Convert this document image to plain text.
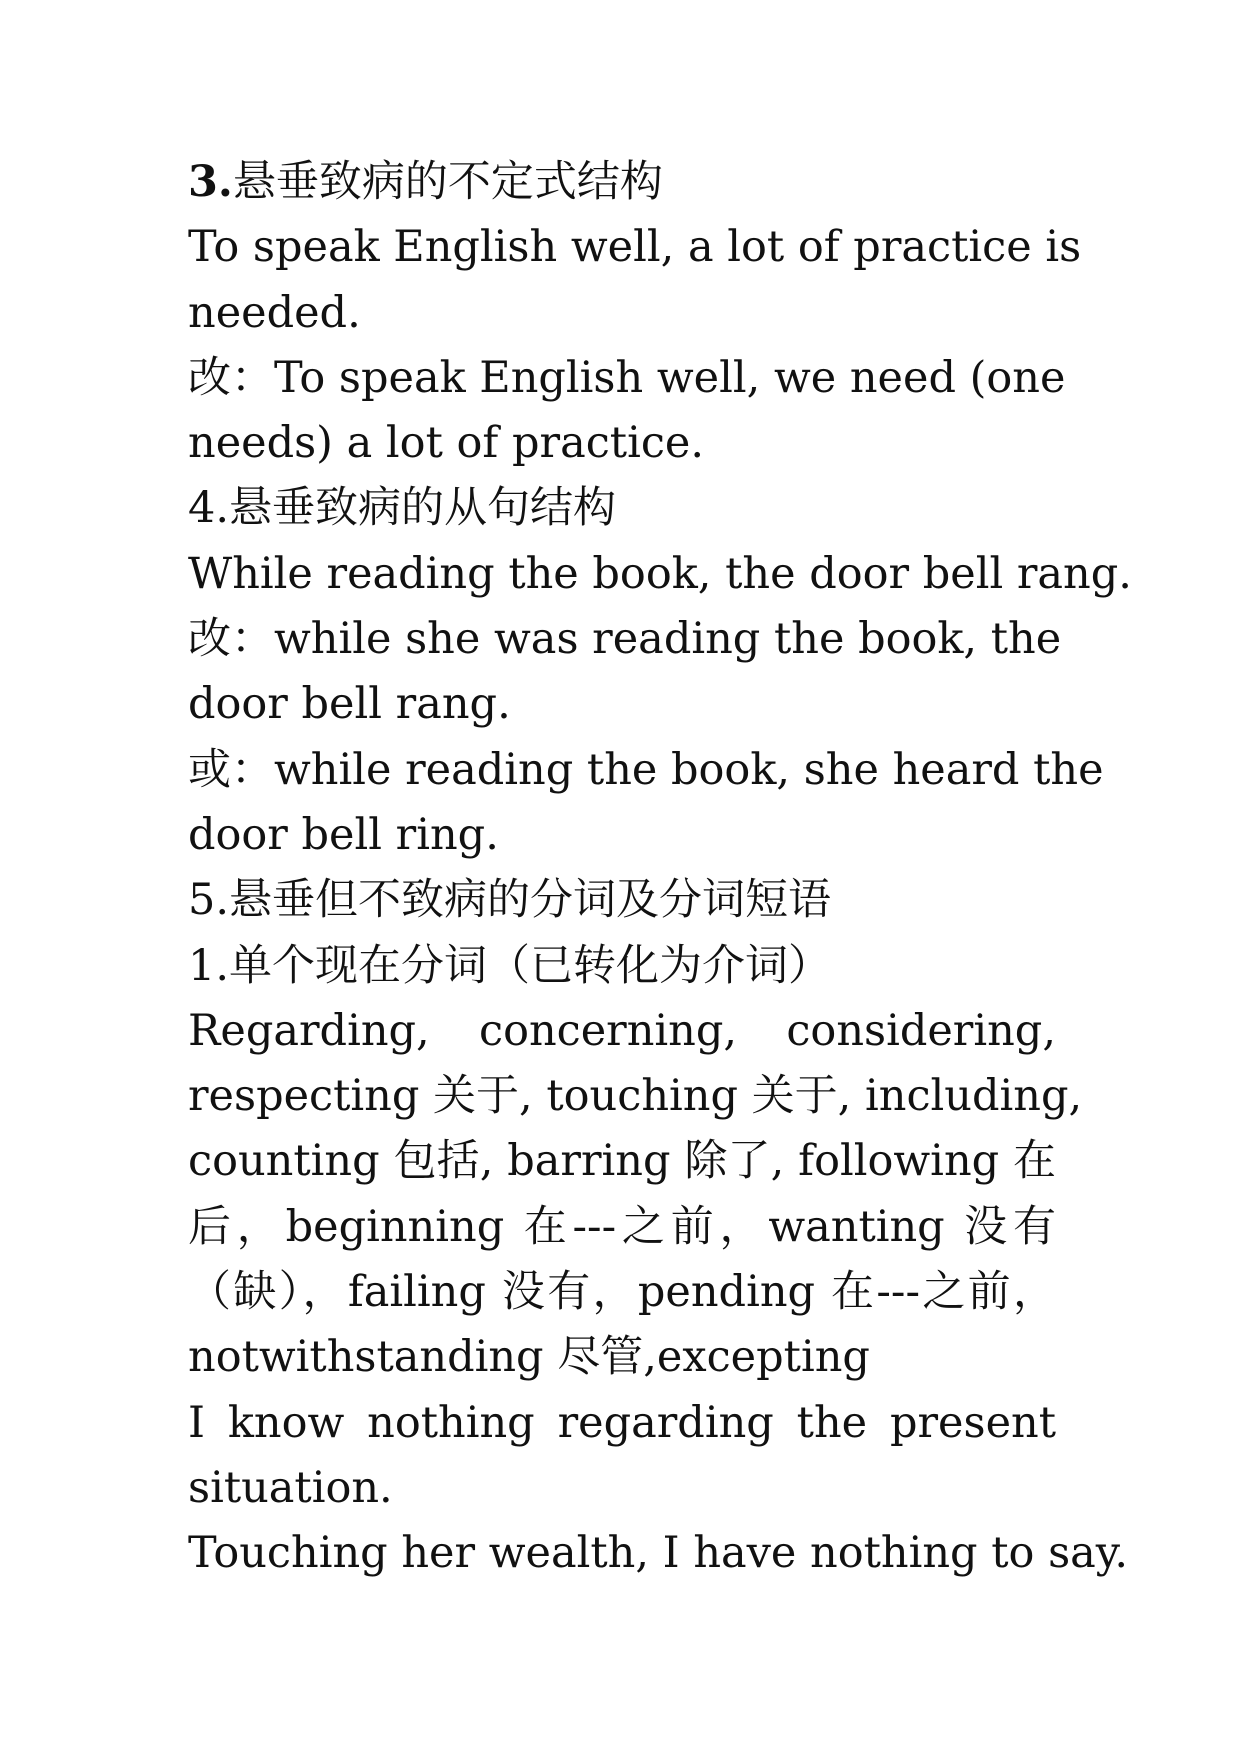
3.悬垂致病的不定式结构
To speak English well, a lot of practice is
needed.
改：To speak English well, we need (one
needs) a lot of practice.
4.悬垂致病的从句结构
While reading the book, the door bell rang.
改：while she was reading the book, the
door bell rang.
或：while reading the book, she heard the
door bell ring.
5.悬垂但不致病的分词及分词短语
1.单个现在分词（已转化为介词）
Regarding, concerning, considering,
respecting 关于, touching 关于, including,
counting 包括, barring 除了, following 在
后，beginning 在---之前，wanting 没有
（缺），failing 没有，pending 在---之前，
notwithstanding 尽管,excepting
I know nothing regarding the present
situation.
Touching her wealth, I have nothing to say.
